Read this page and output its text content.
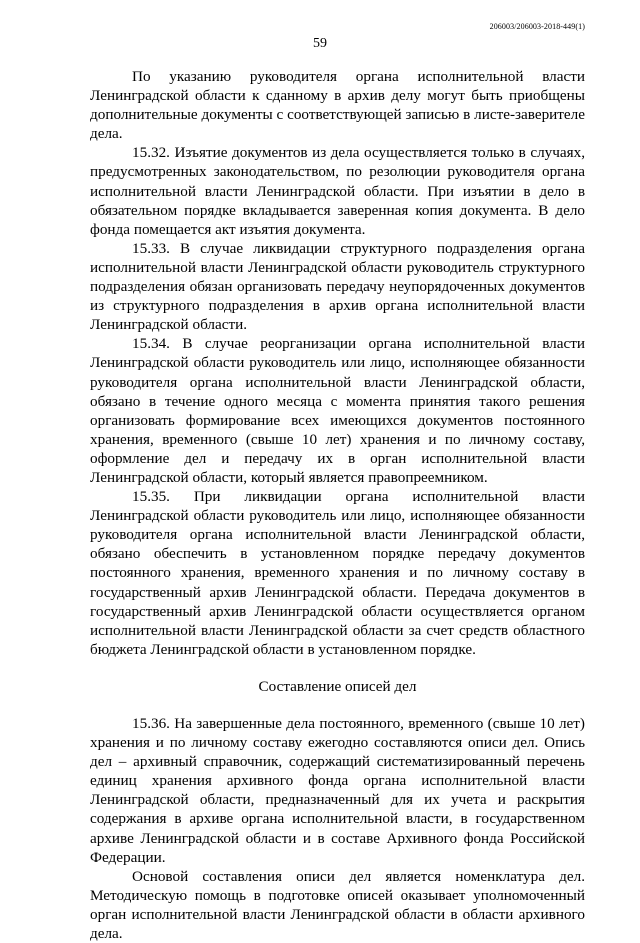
206003/206003-2018-449(1)
59

По указанию руководителя органа исполнительной власти Ленинградской области к сданному в архив делу могут быть приобщены дополнительные документы с соответствующей записью в листе-заверителе дела.

15.32. Изъятие документов из дела осуществляется только в случаях, предусмотренных законодательством, по резолюции руководителя органа исполнительной власти Ленинградской области. При изъятии в дело в обязательном порядке вкладывается заверенная копия документа. В дело фонда помещается акт изъятия документа.

15.33. В случае ликвидации структурного подразделения органа исполнительной власти Ленинградской области руководитель структурного подразделения обязан организовать передачу неупорядоченных документов из структурного подразделения в архив органа исполнительной власти Ленинградской области.

15.34. В случае реорганизации органа исполнительной власти Ленинградской области руководитель или лицо, исполняющее обязанности руководителя органа исполнительной власти Ленинградской области, обязано в течение одного месяца с момента принятия такого решения организовать формирование всех имеющихся документов постоянного хранения, временного (свыше 10 лет) хранения и по личному составу, оформление дел и передачу их в орган исполнительной власти Ленинградской области, который является правопреемником.

15.35. При ликвидации органа исполнительной власти Ленинградской области руководитель или лицо, исполняющее обязанности руководителя органа исполнительной власти Ленинградской области, обязано обеспечить в установленном порядке передачу документов постоянного хранения, временного хранения и по личному составу в государственный архив Ленинградской области. Передача документов в государственный архив Ленинградской области осуществляется органом исполнительной власти Ленинградской области за счет средств областного бюджета Ленинградской области в установленном порядке.

Составление описей дел

15.36. На завершенные дела постоянного, временного (свыше 10 лет) хранения и по личному составу ежегодно составляются описи дел. Опись дел – архивный справочник, содержащий систематизированный перечень единиц хранения архивного фонда органа исполнительной власти Ленинградской области, предназначенный для их учета и раскрытия содержания в архиве органа исполнительной власти, в государственном архиве Ленинградской области и в составе Архивного фонда Российской Федерации.

Основой составления описи дел является номенклатура дел. Методическую помощь в подготовке описей оказывает уполномоченный орган исполнительной власти Ленинградской области в области архивного дела.
